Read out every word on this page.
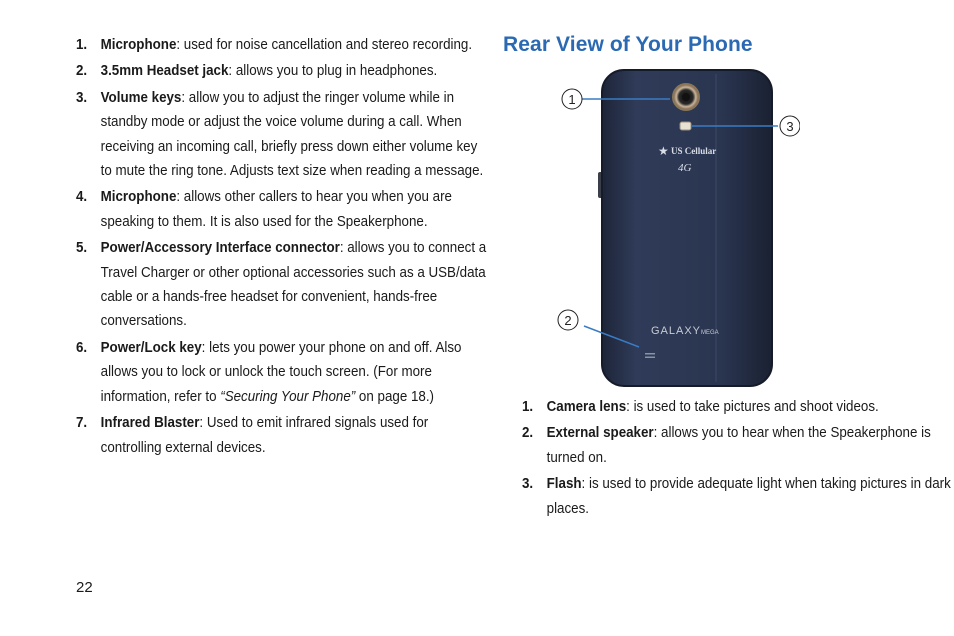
1. Microphone: used for noise cancellation and stereo recording.
2. 3.5mm Headset jack: allows you to plug in headphones.
3. Volume keys: allow you to adjust the ringer volume while in standby mode or adjust the voice volume during a call. When receiving an incoming call, briefly press down either volume key to mute the ring tone. Adjusts text size when reading a message.
4. Microphone: allows other callers to hear you when you are speaking to them. It is also used for the Speakerphone.
5. Power/Accessory Interface connector: allows you to connect a Travel Charger or other optional accessories such as a USB/data cable or a hands-free headset for convenient, hands-free conversations.
6. Power/Lock key: lets you power your phone on and off. Also allows you to lock or unlock the touch screen. (For more information, refer to “Securing Your Phone” on page 18.)
7. Infrared Blaster: Used to emit infrared signals used for controlling external devices.
Rear View of Your Phone
★ US Cellular
4G
GALAXY MEGA
1
3
2
1. Camera lens: is used to take pictures and shoot videos.
2. External speaker: allows you to hear when the Speakerphone is turned on.
3. Flash: is used to provide adequate light when taking pictures in dark places.
22
